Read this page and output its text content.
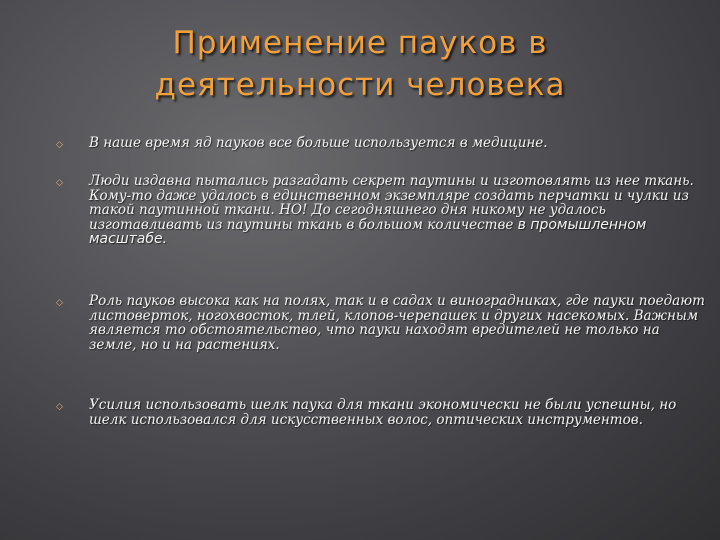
Применение пауков в
деятельности человека
◇ В наше время яд пауков все больше используется в медицине.
◇ Люди издавна пытались разгадать секрет паутины и изготовлять из нее ткань. Кому-то даже удалось в единственном экземпляре создать перчатки и чулки из такой паутинной ткани. НО! До сегодняшнего дня никому не удалось изготавливать из паутины ткань в большом количестве в промышленном масштабе.
◇ Роль пауков высока как на полях, так и в садах и виноградниках, где пауки поедают листоверток, ногохвосток, тлей, клопов-черепашек и других насекомых. Важным является то обстоятельство, что пауки находят вредителей не только на земле, но и на растениях.
◇ Усилия использовать шелк паука для ткани экономически не были успешны, но шелк использовался для искусственных волос, оптических инструментов.
